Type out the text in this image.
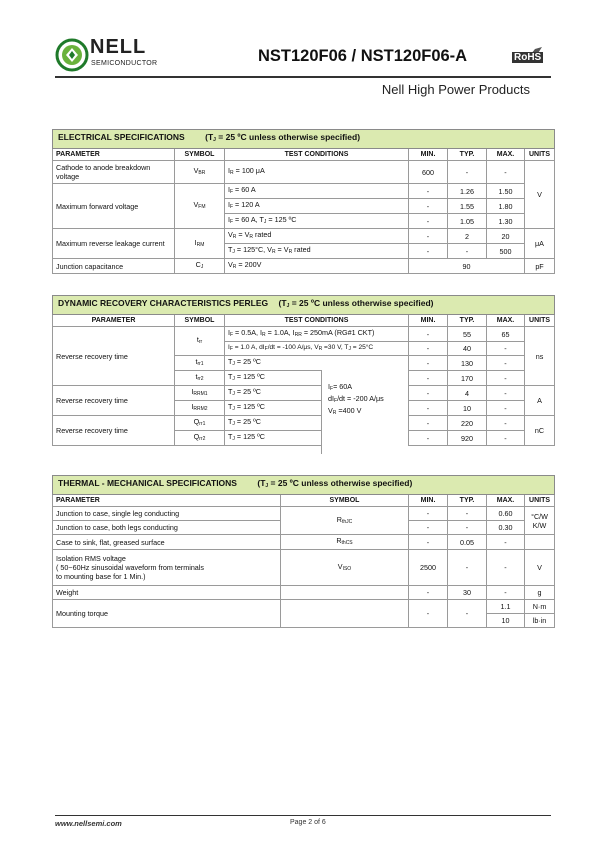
NELL
SEMICONDUCTOR	NST120F06 / NST120F06-A	RoHS
Nell High Power Products
ELECTRICAL SPECIFICATIONS ($T_J = 25$ ºC unless otherwise specified)						
PARAMETER	SYMBOL	TEST CONDITIONS	MIN.	TYP.	MAX.	UNITS
Cathode to anode breakdown voltage	$V_{BR}$	$I_R = 100$ μA	600	-	-	V
Maximum forward voltage	$V_{FM}$	$I_F = 60$ A	-	1.26	1.50	
		$I_F = 120$ A	-	1.55	1.80	
		$I_F = 60$ A, $T_J = 125$ ºC	-	1.05	1.30	
Maximum reverse leakage current	$I_{RM}$	$V_R = V_R$ rated	-	2	20	μA
		$T_J = 125^\circ C$, $V_R = V_R$ rated	-	-	500	
Junction capacitance	$C_J$	$V_R = 200V$	90			pF
DYNAMIC RECOVERY CHARACTERISTICS PERLEG ($T_J = 25$ ºC unless otherwise specified)						
PARAMETER	SYMBOL	TEST CONDITIONS	MIN.	TYP.	MAX.	UNITS
Reverse recovery time	$t_{rr}$	$I_F = 0.5A$, $I_R = 1.0A$, $I_{RR} = 250mA$ (RG#1 CKT)	-	55	65	ns
		$I_F = 1.0$ A, $dI_F/dt = -100$ A/μs, $V_R =30$ V, $T_J = 25^\circ C$	-	40	-	
	$t_{rr1}$	$T_J = 25$ ºC	-	130	-	
	$t_{rr2}$	$T_J = 125$ ºC	-	170	-	
Reverse recovery time	$I_{RRM1}$	$T_J = 25$ ºC	-	4	-	A
	$I_{RRM2}$	$T_J = 125$ ºC	-	10	-	
Reverse recovery time	$Q_{rr1}$	$T_J = 25$ ºC	-	220	-	nC
	$Q_{rr2}$	$T_J = 125$ ºC	-	920	-	
$I_F= 60A$
$dI_F/dt = -200$ A/μs
$V_R =400$ V
THERMAL - MECHANICAL SPECIFICATIONS ($T_J = 25$ ºC unless otherwise specified)					
PARAMETER	SYMBOL	MIN.	TYP.	MAX.	UNITS
Junction to case, single leg conducting	$R_{thJC}$	-	-	0.60	°C/W
K/W

Junction to case, both legs conducting		-	-	0.30	
Case to sink, flat, greased surface	$R_{thCS}$	-	0.05	-	

Isolation RMS voltage
( 50~60Hz sinusoidal waveform from terminals
to mounting base for 1 Min.)	$V_{ISO}$	2500	-	-	V
Weight		-	30	-	g
Mounting torque		-	-	1.1	N·m
				10	lb·in
www.nellsemi.com	Page 2 of 6
